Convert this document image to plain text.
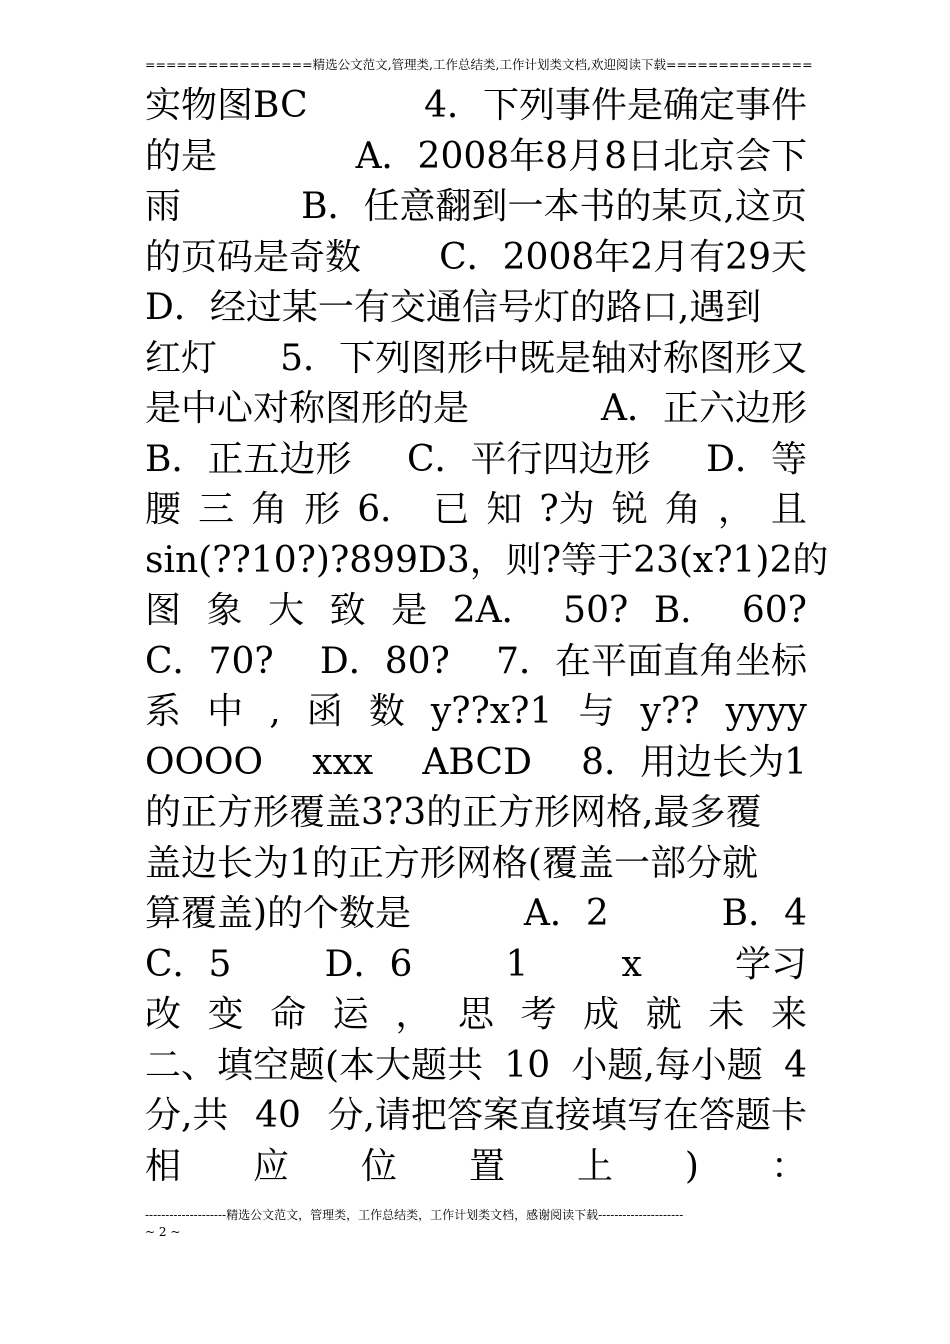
================精选公文范文,管理类,工作总结类,工作计划类文档,欢迎阅读下载==============
实物图BC	4．下列事件是确定事件
的是	A．2008年8月8日北京会下
雨	B．任意翻到一本书的某页,这页
的页码是奇数 C．2008年2月有29天
D．经过某一有交通信号灯的路口,遇到
红灯 5．下列图形中既是轴对称图形又
是中心对称图形的是	A．正六边形
B．正五边形 C．平行四边形 D．等
腰 三 角 形 6． 已 知 ?为 锐 角 ， 且
sin(??10?)?899D3，则?等于 23(x?1)2 的
图 象 大 致 是 2A． 50? B． 60?
C．70? D．80? 7．在平面直角坐标
系 中 , 函 数 y??x?1 与 y?? yyyy
OOOO xxx ABCD 8．用边长为1
的正方形覆盖3?3的正方形网格,最多覆
盖边长为1的正方形网格(覆盖一部分就
算覆盖)的个数是	A．2	B．4
C．5	D．6	1	x	学习
改 变 命 运 ， 思 考 成 就 未 来
二、填空题(本大题共 10 小题,每小题 4
分,共 40 分,请把答案直接填写在答题卡
相 应 位 置 上 ) ：
--------------------精选公文范文，管理类，工作总结类，工作计划类文档，感谢阅读下载---------------------
~ 2 ~
